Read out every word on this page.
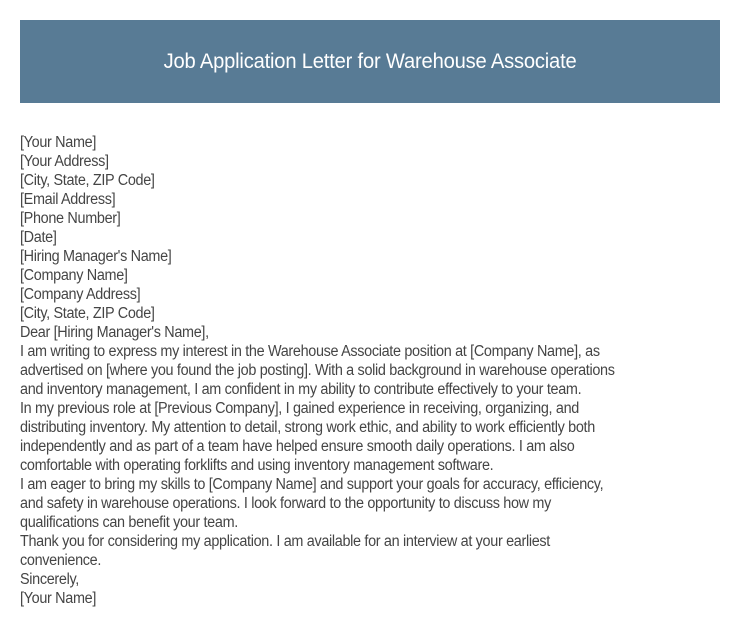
Job Application Letter for Warehouse Associate
[Your Name]
[Your Address]
[City, State, ZIP Code]
[Email Address]
[Phone Number]
[Date]
[Hiring Manager's Name]
[Company Name]
[Company Address]
[City, State, ZIP Code]
Dear [Hiring Manager's Name],
I am writing to express my interest in the Warehouse Associate position at [Company Name], as
advertised on [where you found the job posting]. With a solid background in warehouse operations
and inventory management, I am confident in my ability to contribute effectively to your team.
In my previous role at [Previous Company], I gained experience in receiving, organizing, and
distributing inventory. My attention to detail, strong work ethic, and ability to work efficiently both
independently and as part of a team have helped ensure smooth daily operations. I am also
comfortable with operating forklifts and using inventory management software.
I am eager to bring my skills to [Company Name] and support your goals for accuracy, efficiency,
and safety in warehouse operations. I look forward to the opportunity to discuss how my
qualifications can benefit your team.
Thank you for considering my application. I am available for an interview at your earliest
convenience.
Sincerely,
[Your Name]
